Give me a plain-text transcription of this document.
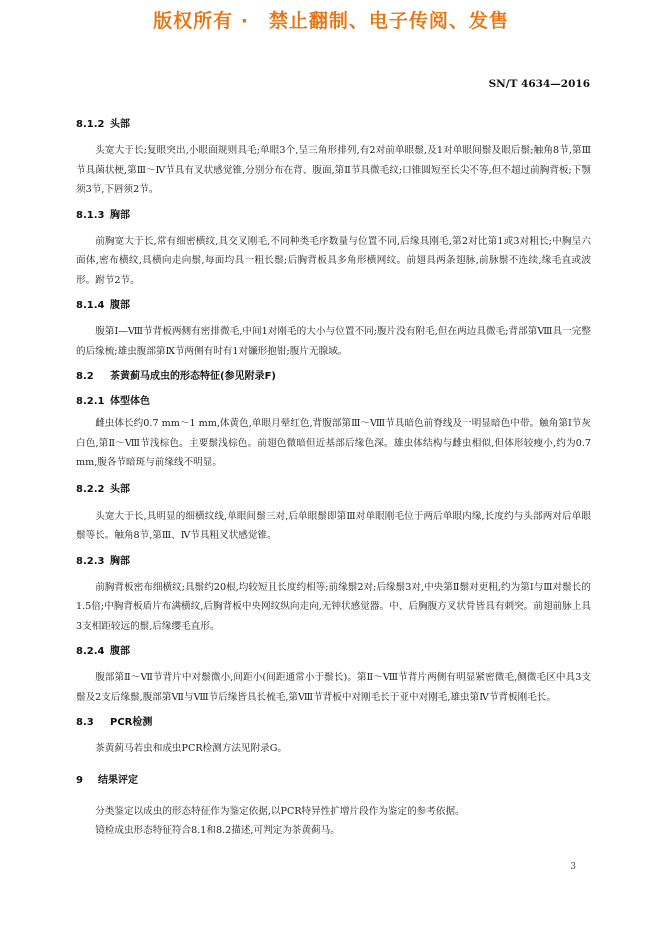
版权所有 ·　禁止翻制、电子传阅、发售
SN/T 4634—2016
8.1.2 头部

头宽大于长;复眼突出,小眼面规则具毛;单眼3个,呈三角形排列,有2对前单眼鬃,及1对单眼间鬃及眼后鬃;触角8节,第Ⅲ节具菌状梗,第Ⅲ～Ⅳ节具有叉状感觉锥,分别分布在背、腹面,第Ⅱ节具微毛纹;口锥圆短至长尖不等,但不超过前胸背板;下颚须3节,下唇须2节。

8.1.3 胸部

前胸宽大于长,常有细密横纹,具交叉刚毛,不同种类毛序数量与位置不同,后缘具刚毛,第2对比第1或3对粗长;中胸呈六面体,密布横纹,具横向走向鬃,每面均具一粗长鬃;后胸背板具多角形横网纹。前翅具两条翅脉,前脉鬃不连续,缘毛直或波形。跗节2节。

8.1.4 腹部

腹第Ⅰ—Ⅷ节背板两侧有密排微毛,中间1对刚毛的大小与位置不同;腹片没有附毛,但在两边具微毛;背部第Ⅷ具一完整的后缘梳;雄虫腹部第Ⅸ节两侧有时有1对镰形抱钳;腹片无腺域。

8.2 茶黄蓟马成虫的形态特征(参见附录F)
8.2.1 体型体色

雌虫体长约0.7 mm～1 mm,体黄色,单眼月晕红色,背腹部第Ⅲ～Ⅷ节具暗色前脊线及一明显暗色中带。触角第Ⅰ节灰白色,第Ⅱ～Ⅷ节浅棕色。主要鬃浅棕色。前翅色微暗但近基部后缘色深。雄虫体结构与雌虫相似,但体形较瘦小,约为0.7 mm,腹各节暗斑与前缘线不明显。

8.2.2 头部

头宽大于长,具明显的细横纹线,单眼间鬃三对,后单眼鬃即第Ⅲ对单眼刚毛位于两后单眼内缘,长度约与头部两对后单眼鬃等长。触角8节,第Ⅲ、Ⅳ节具粗叉状感觉锥。

8.2.3 胸部

前胸背板密布细横纹;具鬃约20根,均较短且长度约相等;前缘鬃2对;后缘鬃3对,中央第Ⅱ鬃对更粗,约为第Ⅰ与Ⅲ对鬃长的1.5倍;中胸背板盾片布满横纹,后胸背板中央网纹纵向走向,无钟状感觉器。中、后胸腹方叉状骨皆具有刺突。前翅前脉上具3支相距较远的鬃,后缘缨毛直形。

8.2.4 腹部

腹部第Ⅱ～Ⅶ节背片中对鬃微小,间距小(间距通常小于鬃长)。第Ⅱ～Ⅷ节背片两侧有明显紧密微毛,侧微毛区中具3支鬃及2支后缘鬃,腹部第Ⅶ与Ⅷ节后缘皆具长梳毛,第Ⅷ节背板中对刚毛长于亚中对刚毛,雄虫第Ⅳ节背板刚毛长。

8.3 PCR检测

茶黄蓟马若虫和成虫PCR检测方法见附录G。

9 结果评定

分类鉴定以成虫的形态特征作为鉴定依据,以PCR特异性扩增片段作为鉴定的参考依据。

镜检成虫形态特征符合8.1和8.2描述,可判定为茶黄蓟马。

3
